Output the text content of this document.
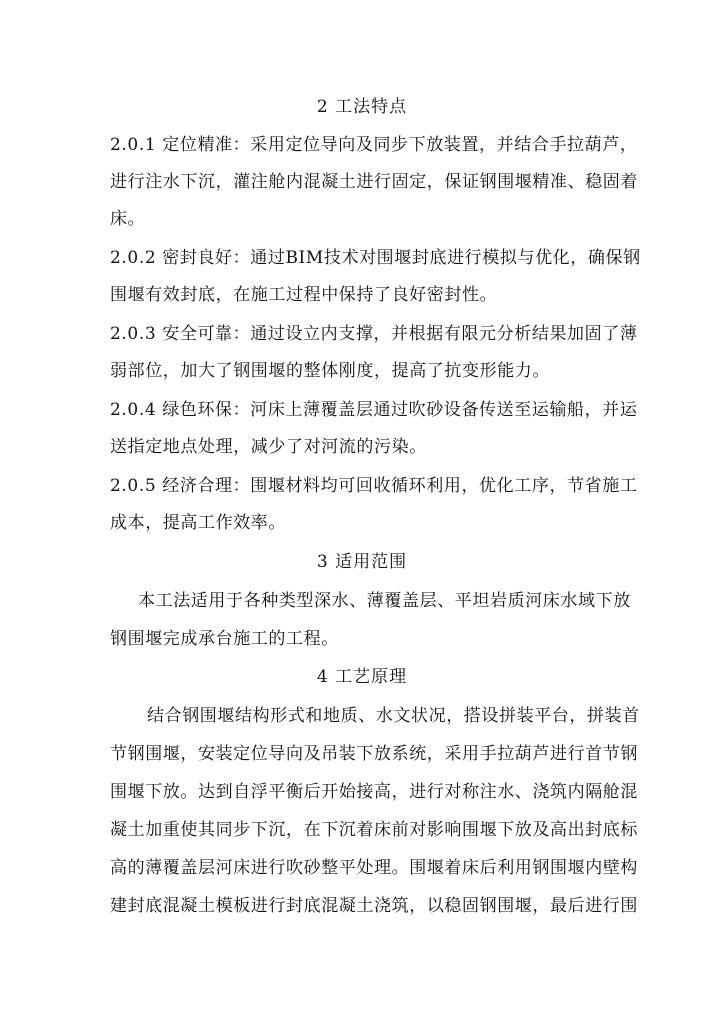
2 工法特点
2.0.1 定位精准：采用定位导向及同步下放装置，并结合手拉葫芦，
进行注水下沉，灌注舱内混凝土进行固定，保证钢围堰精准、稳固着
床。
2.0.2 密封良好：通过BIM技术对围堰封底进行模拟与优化，确保钢
围堰有效封底，在施工过程中保持了良好密封性。
2.0.3 安全可靠：通过设立内支撑，并根据有限元分析结果加固了薄
弱部位，加大了钢围堰的整体刚度，提高了抗变形能力。
2.0.4 绿色环保：河床上薄覆盖层通过吹砂设备传送至运输船，并运
送指定地点处理，减少了对河流的污染。
2.0.5 经济合理：围堰材料均可回收循环利用，优化工序，节省施工
成本，提高工作效率。
3 适用范围
本工法适用于各种类型深水、薄覆盖层、平坦岩质河床水域下放
钢围堰完成承台施工的工程。
4 工艺原理
结合钢围堰结构形式和地质、水文状况，搭设拼装平台，拼装首
节钢围堰，安装定位导向及吊装下放系统，采用手拉葫芦进行首节钢
围堰下放。达到自浮平衡后开始接高，进行对称注水、浇筑内隔舱混
凝土加重使其同步下沉，在下沉着床前对影响围堰下放及高出封底标
高的薄覆盖层河床进行吹砂整平处理。围堰着床后利用钢围堰内壁构
建封底混凝土模板进行封底混凝土浇筑，以稳固钢围堰，最后进行围
